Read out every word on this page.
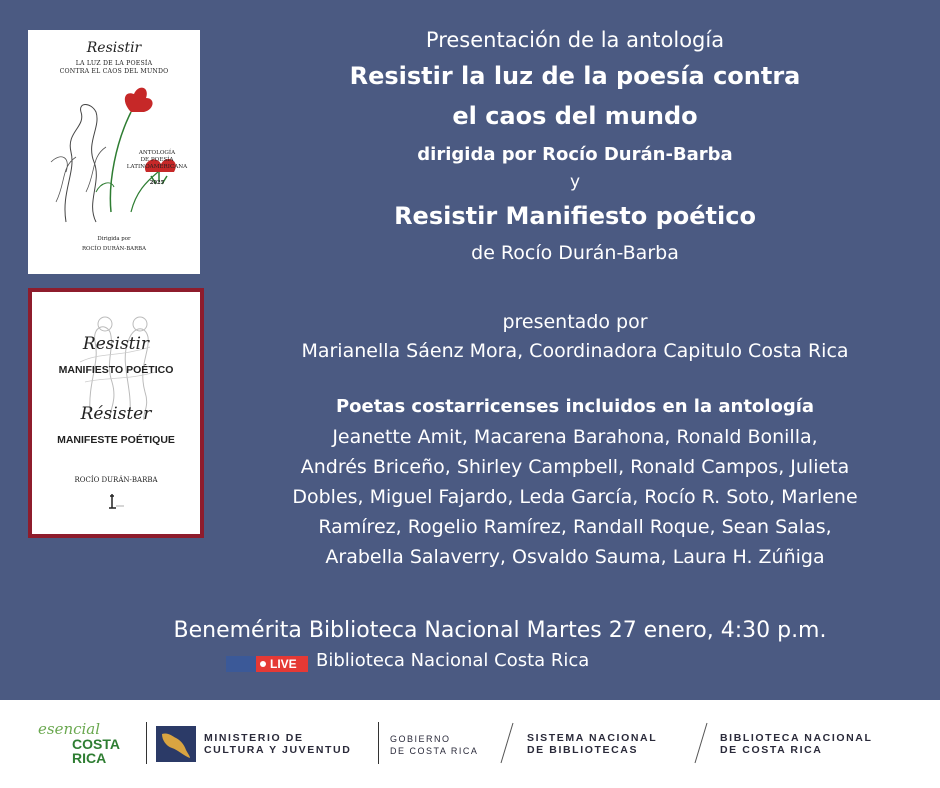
Resistir
LA LUZ DE LA POESÍA
CONTRA EL CAOS DEL MUNDO
ANTOLOGÍA
DE POESÍA
LATINOAMERICANA
2025
Dirigida por
ROCÍO DURÁN-BARBA
Resistir
MANIFIESTO POÉTICO
Résister
MANIFESTE POÉTIQUE
ROCÍO DURÁN-BARBA
Presentación de la antología
Resistir la luz de la poesía contra
el caos del mundo
dirigida por Rocío Durán-Barba
y
Resistir Manifiesto poético
de Rocío Durán-Barba
presentado por
Marianella Sáenz Mora, Coordinadora Capitulo Costa Rica
Poetas costarricenses incluidos en la antología
Jeanette Amit, Macarena Barahona, Ronald Bonilla,
Andrés Briceño, Shirley Campbell, Ronald Campos, Julieta
Dobles, Miguel Fajardo, Leda García, Rocío R. Soto, Marlene
Ramírez, Rogelio Ramírez, Randall Roque, Sean Salas,
Arabella Salaverry, Osvaldo Sauma, Laura H. Zúñiga
Benemérita Biblioteca Nacional Martes 27 enero, 4:30 p.m.
LIVE	Biblioteca Nacional Costa Rica
esencial
COSTA
RICA
MINISTERIO DE
CULTURA Y JUVENTUD
GOBIERNO
DE COSTA RICA
SISTEMA NACIONAL
DE BIBLIOTECAS
BIBLIOTECA NACIONAL
DE COSTA RICA
